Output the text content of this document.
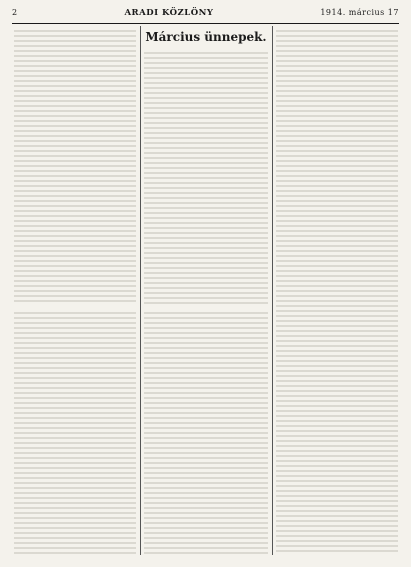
2	ARADI KÖZLÖNY	1914. március 17
Március ünnepek.
